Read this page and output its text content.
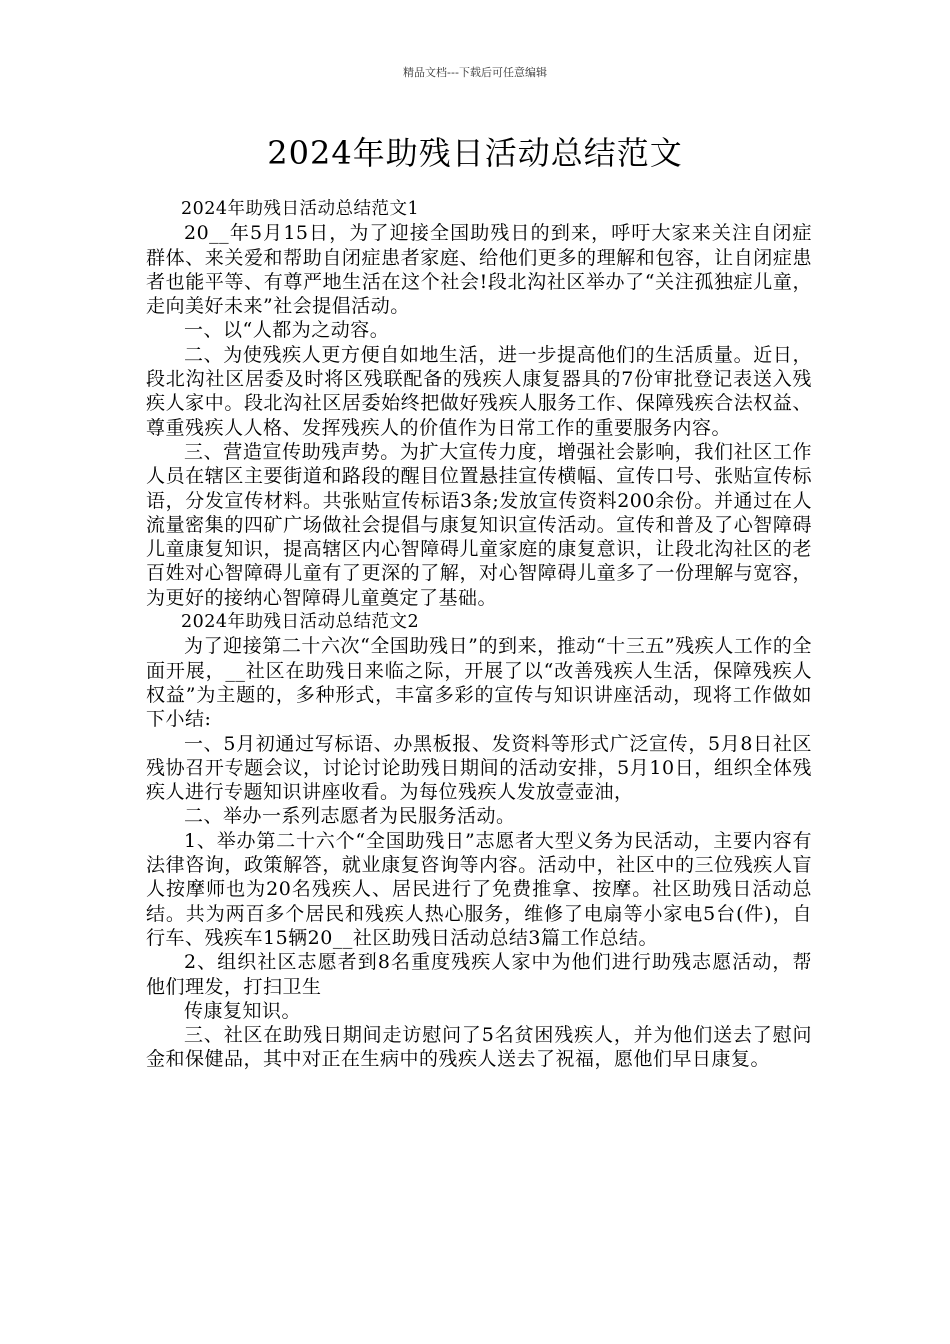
精品文档---下载后可任意编辑
2024年助残日活动总结范文

2024年助残日活动总结范文1

20__年5月15日，为了迎接全国助残日的到来，呼吁大家来关注自闭症群体、来关爱和帮助自闭症患者家庭、给他们更多的理解和包容，让自闭症患者也能平等、有尊严地生活在这个社会!段北沟社区举办了“关注孤独症儿童，走向美好未来”社会提倡活动。

一、以“人都为之动容。

二、为使残疾人更方便自如地生活，进一步提高他们的生活质量。近日，段北沟社区居委及时将区残联配备的残疾人康复器具的7份审批登记表送入残疾人家中。段北沟社区居委始终把做好残疾人服务工作、保障残疾合法权益、尊重残疾人人格、发挥残疾人的价值作为日常工作的重要服务内容。

三、营造宣传助残声势。为扩大宣传力度，增强社会影响，我们社区工作人员在辖区主要街道和路段的醒目位置悬挂宣传横幅、宣传口号、张贴宣传标语，分发宣传材料。共张贴宣传标语3条;发放宣传资料200余份。并通过在人流量密集的四矿广场做社会提倡与康复知识宣传活动。宣传和普及了心智障碍儿童康复知识，提高辖区内心智障碍儿童家庭的康复意识，让段北沟社区的老百姓对心智障碍儿童有了更深的了解，对心智障碍儿童多了一份理解与宽容，为更好的接纳心智障碍儿童奠定了基础。

2024年助残日活动总结范文2

为了迎接第二十六次“全国助残日”的到来，推动“十三五”残疾人工作的全面开展，__社区在助残日来临之际，开展了以“改善残疾人生活，保障残疾人权益”为主题的，多种形式，丰富多彩的宣传与知识讲座活动，现将工作做如下小结:

一、5月初通过写标语、办黑板报、发资料等形式广泛宣传，5月8日社区残协召开专题会议，讨论讨论助残日期间的活动安排，5月10日，组织全体残疾人进行专题知识讲座收看。为每位残疾人发放壹壶油，

二、举办一系列志愿者为民服务活动。

1、举办第二十六个“全国助残日”志愿者大型义务为民活动，主要内容有法律咨询，政策解答，就业康复咨询等内容。活动中，社区中的三位残疾人盲人按摩师也为20名残疾人、居民进行了免费推拿、按摩。社区助残日活动总结。共为两百多个居民和残疾人热心服务，维修了电扇等小家电5台(件)，自行车、残疾车15辆20__社区助残日活动总结3篇工作总结。

2、组织社区志愿者到8名重度残疾人家中为他们进行助残志愿活动，帮他们理发，打扫卫生

传康复知识。

三、社区在助残日期间走访慰问了5名贫困残疾人，并为他们送去了慰问金和保健品，其中对正在生病中的残疾人送去了祝福，愿他们早日康复。
